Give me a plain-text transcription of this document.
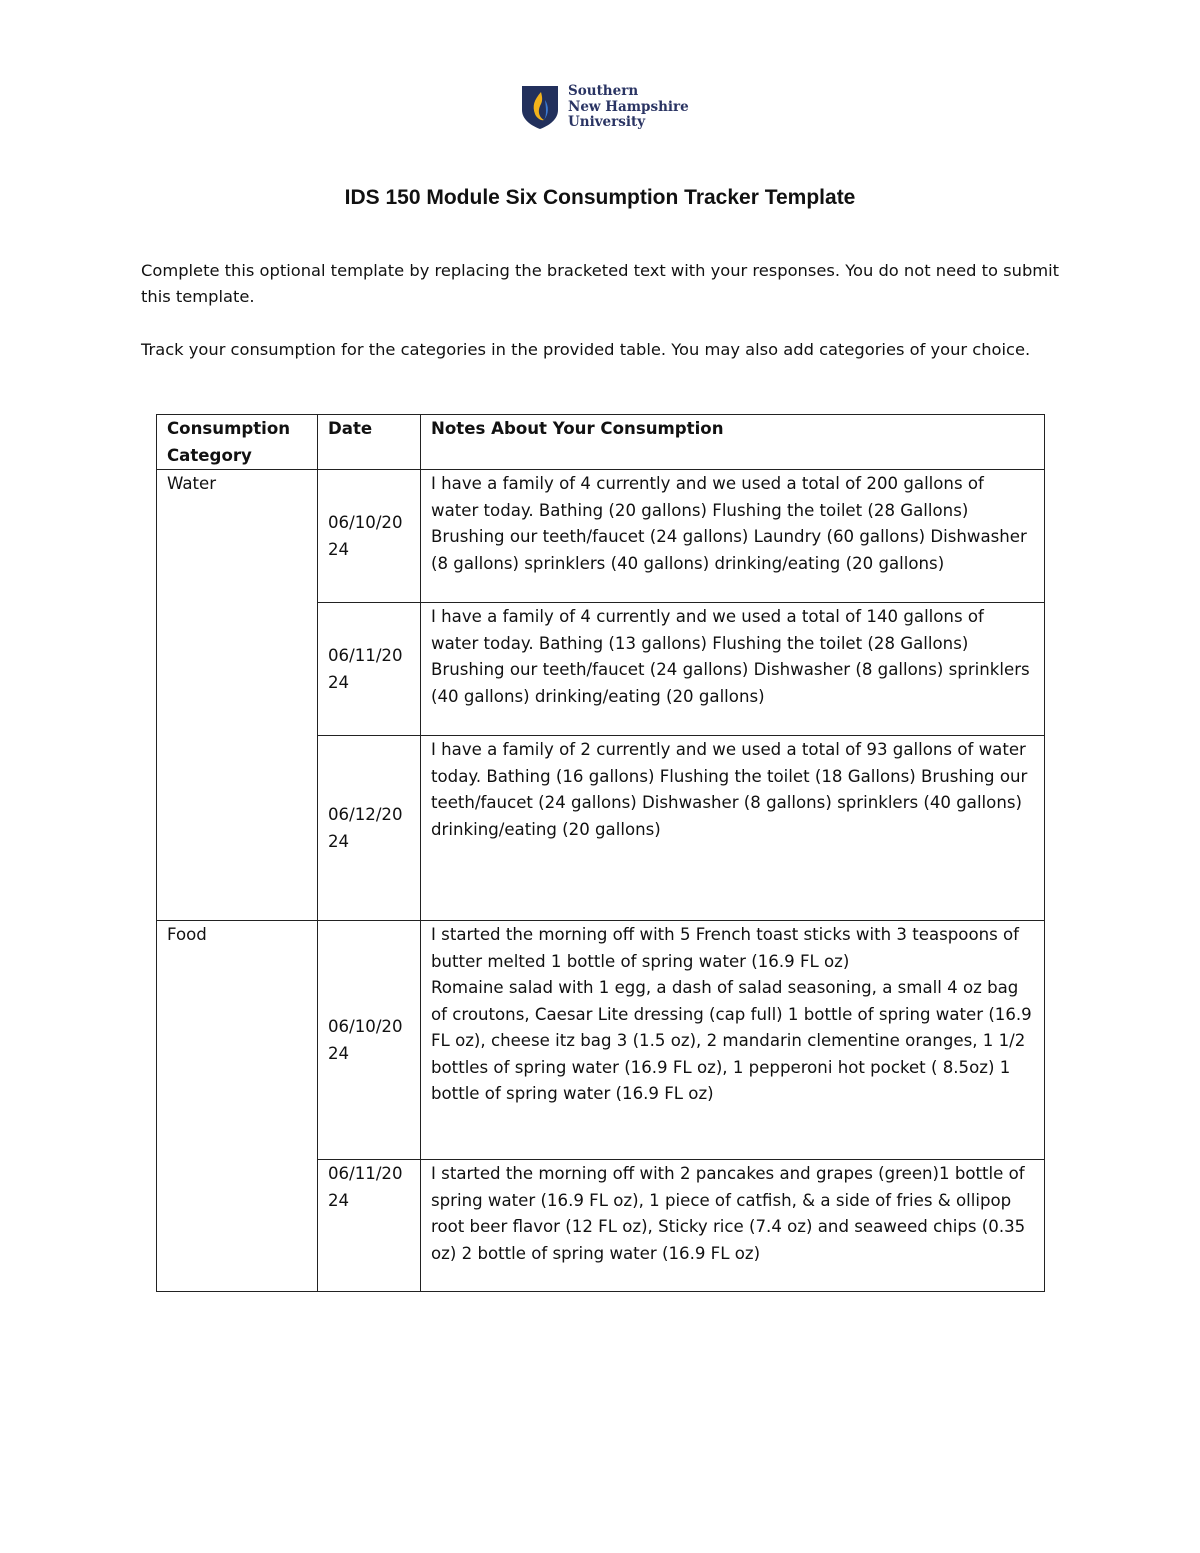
Southern
New Hampshire
University
IDS 150 Module Six Consumption Tracker Template

Complete this optional template by replacing the bracketed text with your responses. You do not need to submit this template.

Track your consumption for the categories in the provided table. You may also add categories of your choice.

Consumption Category	Date	Notes About Your Consumption
Water	06/10/2024	I have a family of 4 currently and we used a total of 200 gallons of water today. Bathing (20 gallons) Flushing the toilet (28 Gallons) Brushing our teeth/faucet (24 gallons) Laundry (60 gallons) Dishwasher (8 gallons) sprinklers (40 gallons) drinking/eating (20 gallons)

	06/11/2024	I have a family of 4 currently and we used a total of 140 gallons of water today. Bathing (13 gallons) Flushing the toilet (28 Gallons) Brushing our teeth/faucet (24 gallons) Dishwasher (8 gallons) sprinklers (40 gallons) drinking/eating (20 gallons)

	06/12/2024	I have a family of 2 currently and we used a total of 93 gallons of water today. Bathing (16 gallons) Flushing the toilet (18 Gallons) Brushing our teeth/faucet (24 gallons) Dishwasher (8 gallons) sprinklers (40 gallons) drinking/eating (20 gallons)
Food	06/10/2024	I started the morning off with 5 French toast sticks with 3 teaspoons of butter melted 1 bottle of spring water (16.9 FL oz)
Romaine salad with 1 egg, a dash of salad seasoning, a small 4 oz bag of croutons, Caesar Lite dressing (cap full) 1 bottle of spring water (16.9 FL oz), cheese itz bag 3 (1.5 oz), 2 mandarin clementine oranges, 1 1/2 bottles of spring water (16.9 FL oz), 1 pepperoni hot pocket ( 8.5oz) 1 bottle of spring water (16.9 FL oz)

	06/11/2024	I started the morning off with 2 pancakes and grapes (green)1 bottle of spring water (16.9 FL oz), 1 piece of catfish, & a side of fries & ollipop root beer flavor (12 FL oz), Sticky rice (7.4 oz) and seaweed chips (0.35 oz) 2 bottle of spring water (16.9 FL oz)
